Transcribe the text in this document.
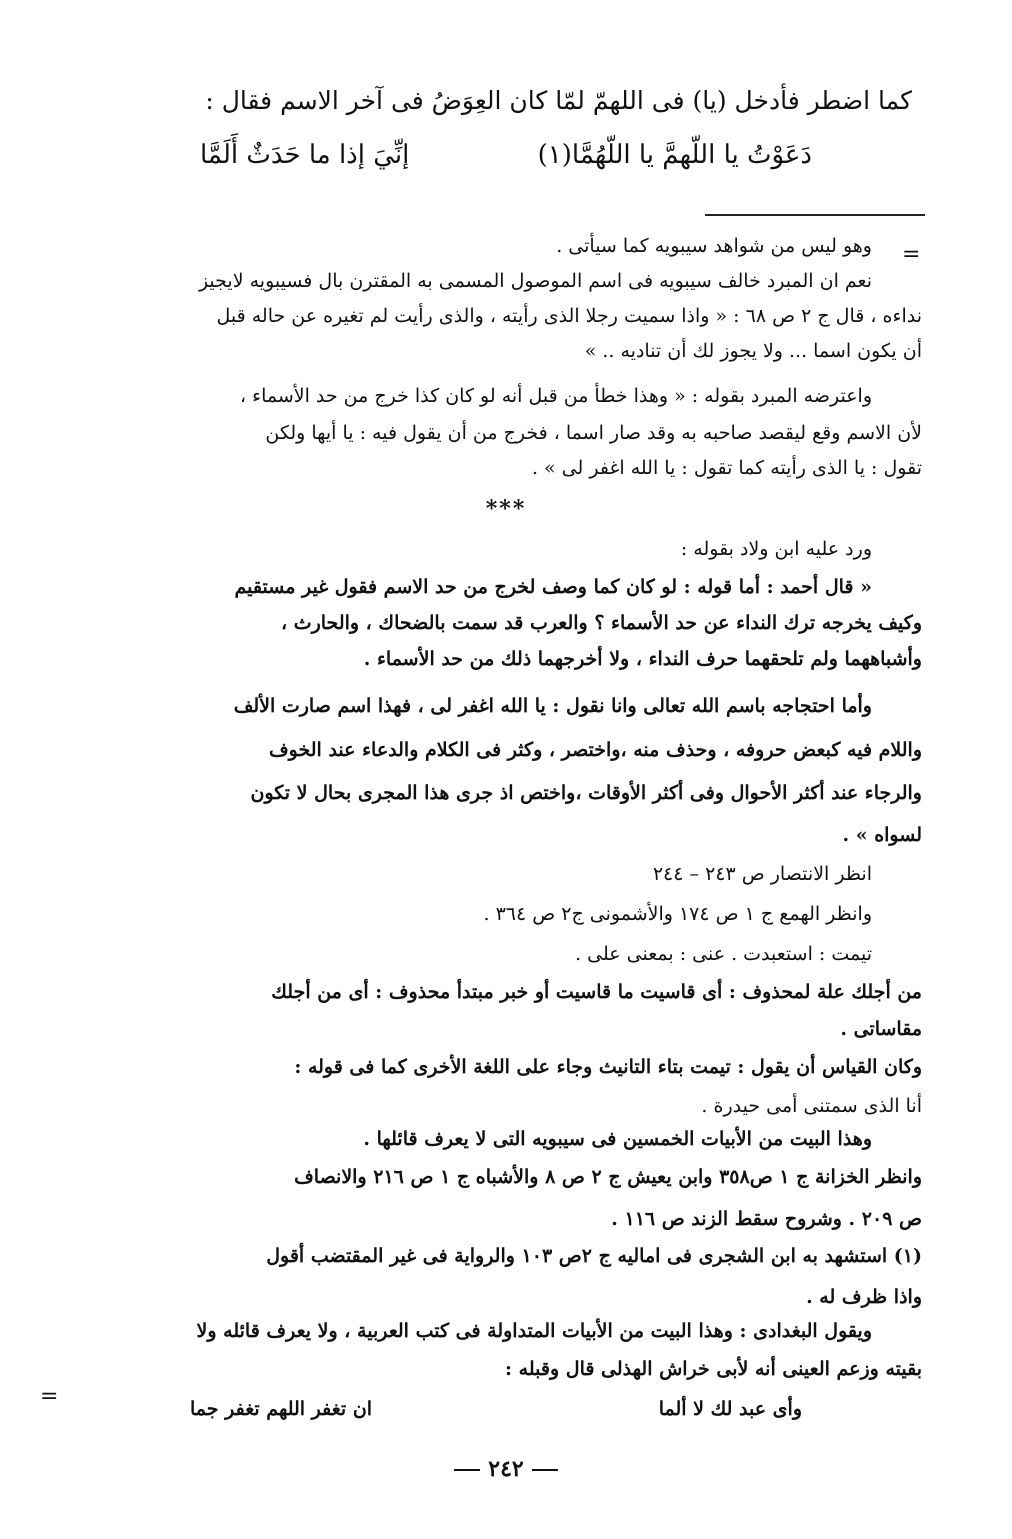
كما اضطر فأدخل (يا) فى اللهمّ لمّا كان العِوَضُ فى آخر الاسم فقال :
إنِّيَ إذا ما حَدَثٌ أَلَمَّا	دَعَوْتُ يا اللّهمَّ يا اللّهُمَّا(١)
=
وهو ليس من شواهد سيبويه كما سيأتى .
نعم ان المبرد خالف سيبويه فى اسم الموصول المسمى به المقترن بال فسيبويه لايجيز
نداءه ، قال ج ٢ ص ٦٨ : « واذا سميت رجلا الذى رأيته ، والذى رأيت لم تغيره عن حاله قبل
أن يكون اسما ... ولا يجوز لك أن تناديه .. »
واعترضه المبرد بقوله : « وهذا خطأ من قبل أنه لو كان كذا خرج من حد الأسماء ،
لأن الاسم وقع ليقصد صاحبه به وقد صار اسما ، فخرج من أن يقول فيه : يا أيها ولكن
تقول : يا الذى رأيته كما تقول : يا الله اغفر لى » .
***
ورد عليه ابن ولاد بقوله :
« قال أحمد : أما قوله : لو كان كما وصف لخرج من حد الاسم فقول غير مستقيم
وكيف يخرجه ترك النداء عن حد الأسماء ؟ والعرب قد سمت بالضحاك ، والحارث ،
وأشباههما ولم تلحقهما حرف النداء ، ولا أخرجهما ذلك من حد الأسماء .
وأما احتجاجه باسم الله تعالى وانا نقول : يا الله اغفر لى ، فهذا اسم صارت الألف
واللام فيه كبعض حروفه ، وحذف منه ،واختصر ، وكثر فى الكلام والدعاء عند الخوف
والرجاء عند أكثر الأحوال وفى أكثر الأوقات ،واختص اذ جرى هذا المجرى بحال لا تكون
لسواه » .
انظر الانتصار ص ٢٤٣ – ٢٤٤
وانظر الهمع ج ١ ص ١٧٤ والأشمونى ج٢ ص ٣٦٤ .
تيمت : استعبدت . عنى : بمعنى على .
من أجلك علة لمحذوف : أى قاسيت ما قاسيت أو خبر مبتدأ محذوف : أى من أجلك
مقاساتى .
وكان القياس أن يقول : تيمت بتاء التانيث وجاء على اللغة الأخرى كما فى قوله :
أنا الذى سمتنى أمى حيدرة .
وهذا البيت من الأبيات الخمسين فى سيبويه التى لا يعرف قائلها .
وانظر الخزانة ج ١ ص٣٥٨ وابن يعيش ج ٢ ص ٨ والأشباه ج ١ ص ٢١٦ والانصاف
ص ٢٠٩ . وشروح سقط الزند ص ١١٦ .
(١) استشهد به ابن الشجرى فى اماليه ج ٢ص ١٠٣ والرواية فى غير المقتضب أقول
واذا ظرف له .
ويقول البغدادى : وهذا البيت من الأبيات المتداولة فى كتب العربية ، ولا يعرف قائله ولا
بقيته وزعم العينى أنه لأبى خراش الهذلى قال وقبله :
ان تغفر اللهم تغفر جما	وأى عبد لك لا ألما
=
٢٤٢
